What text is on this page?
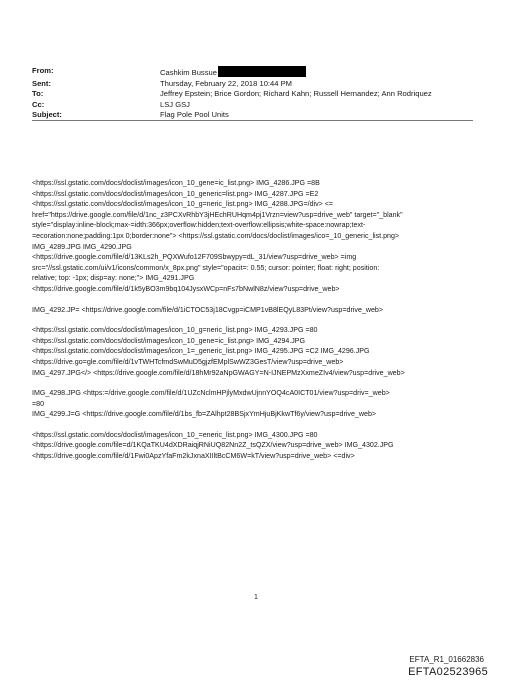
From:	Cashkim Bussue
Sent:	Thursday, February 22, 2018 10:44 PM
To:	Jeffrey Epstein; Brice Gordon; Richard Kahn; Russell Hernandez; Ann Rodriquez
Cc:	LSJ GSJ
Subject:	Flag Pole Pool Units
<https://ssl.gstatic.com/docs/doclist/images/icon_10_gene=ic_list.png> IMG_4286.JPG =8B
<https://ssl.gstatic.com/docs/doclist/images/icon_10_generic=list.png> IMG_4287.JPG =E2
<https://ssl.gstatic.com/docs/doclist/images/icon_10_g=neric_list.png> IMG_4288.JPG=/div> <=
href="https://drive.google.com/file/d/1nc_z3PCXvRhbY3jHEchRUHqm4pj1Vrzn=view?usp=drive_web" target="_blank"
style="display:inline-block;max-=idth:366px;overflow:hidden;text-overflow:ellipsis;white-space:nowrap;text-
=ecoration:none;padding:1px 0;border:none"> <https://ssl.gstatic.com/docs/doclist/images/ico=_10_generic_list.png>
IMG_4289.JPG IMG_4290.JPG
<https://drive.google.com/file/d/13KLs2h_PQXWufo12F709Sbwypy=dL_31/view?usp=drive_web> =img
src="//ssl.gstatic.com/ui/v1/icons/common/x_8px.png" style="opacit=: 0.55; cursor: pointer; float: right; position:
relative; top: -1px; disp=ay: none;"> IMG_4291.JPG
<https://drive.google.com/file/d/1k5yBO3m9bq104JysxWCp=nFs7bNwlN8z/view?usp=drive_web>
IMG_4292.JP= <https://drive.google.com/file/d/1iCTOC53j18Cvgp=iCMP1vB8lEQyL83Pt/view?usp=drive_web>
<https://ssl.gstatic.com/docs/doclist/images/icon_10_g=neric_list.png> IMG_4293.JPG =80
<https://ssl.gstatic.com/docs/doclist/images/icon_10_gene=ic_list.png> IMG_4294.JPG
<https://ssl.gstatic.com/docs/doclist/images/icon_1=_generic_list.png> IMG_4295.JPG =C2 IMG_4296.JPG
<https://drive.go=gle.com/file/d/1vTWHTcfmdSwMuD5gjzfEMplSwWZ3GesT/view?usp=drive_web>
IMG_4297.JPG</> <https://drive.google.com/file/d/18hMr92aNpGWAGY=N-IJNEPMzXxmeZIv4/view?usp=drive_web>
IMG_4298.JPG <https:=/drive.google.com/file/d/1UZcNclmHPjlyMxdwUjnnYOQ4cA0ICT01/view?usp=driv=_web>
=80
IMG_4299.J=G <https://drive.google.com/file/d/1bs_fb=ZAlhpt28BSjxYmHjuBjKkwTf6y/view?usp=drive_web>
<https://ssl.gstatic.com/docs/doclist/images/icon_10_=eneric_list.png> IMG_4300.JPG =80
<https://drive.google.com/file=d/1KQaTKU4dXDRaiqjRNiUQ82Nn2Z_tsQZX/view?usp=drive_web> IMG_4302.JPG
<https://drive.google.com/file/d/1Fwi0ApzYfaFm2kJxnaXIIltBcCM6W=kT/view?usp=drive_web> <=div>
1
EFTA_R1_01662836
EFTA02523965
